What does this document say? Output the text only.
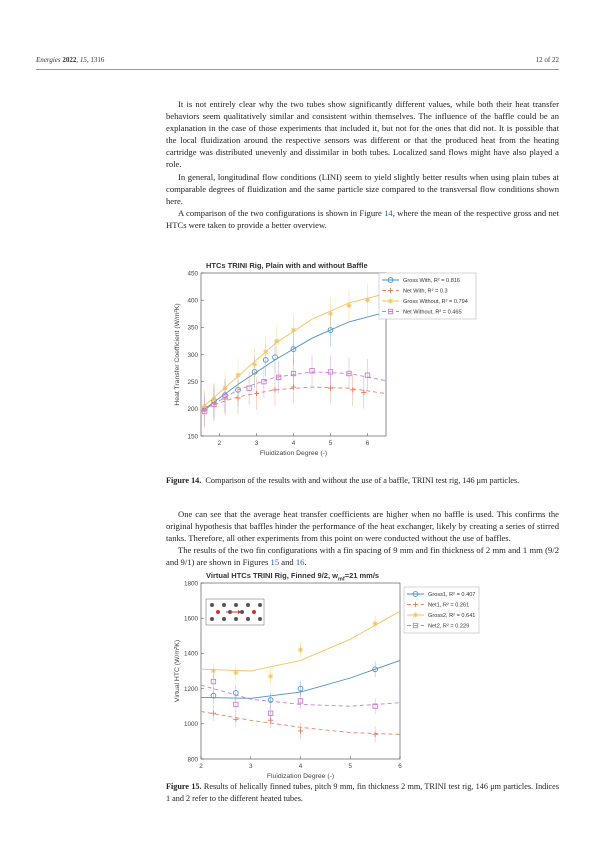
Energies 2022, 15, 1316	12 of 22

It is not entirely clear why the two tubes show significantly different values, while both their heat transfer behaviors seem qualitatively similar and consistent within themselves. The influence of the baffle could be an explanation in the case of those experiments that included it, but not for the ones that did not. It is possible that the local fluidization around the respective sensors was different or that the produced heat from the heating cartridge was distributed unevenly and dissimilar in both tubes. Localized sand flows might have also played a role.

In general, longitudinal flow conditions (LINI) seem to yield slightly better results when using plain tubes at comparable degrees of fluidization and the same particle size compared to the transversal flow conditions shown here.

A comparison of the two configurations is shown in Figure 14, where the mean of the respective gross and net HTCs were taken to provide a better overview.

HTCs TRINI Rig, Plain with and without Baffle
150
200
250
300
350
400
450
2	3	4	5	6
Fluidization Degree (-)
Heat Transfer Coefficient (W/m²K)
Gross With, R² = 0.816
Net With, R² = 0.3
Gross Without, R² = 0.794
Net Without, R² = 0.465

Figure 14. Comparison of the results with and without the use of a baffle, TRINI test rig, 146 μm particles.

One can see that the average heat transfer coefficients are higher when no baffle is used. This confirms the original hypothesis that baffles hinder the performance of the heat exchanger, likely by creating a series of stirred tanks. Therefore, all other experiments from this point on were conducted without the use of baffles.

The results of the two fin configurations with a fin spacing of 9 mm and fin thickness of 2 mm and 1 mm (9/2 and 9/1) are shown in Figures 15 and 16.

Virtual HTCs TRINI Rig, Finned 9/2, $w_{mf}=21$ mm/s
800
1000
1200
1400
1600
1800
2	3	4	5	6
Fluidization Degree (-)
Virtual HTC (W/m²K)
Gross1, R² = 0.407
Net1, R² = 0.261
Gross2, R² = 0.641
Net2, R² = 0.229

Figure 15. Results of helically finned tubes, pitch 9 mm, fin thickness 2 mm, TRINI test rig, 146 μm particles. Indices 1 and 2 refer to the different heated tubes.
